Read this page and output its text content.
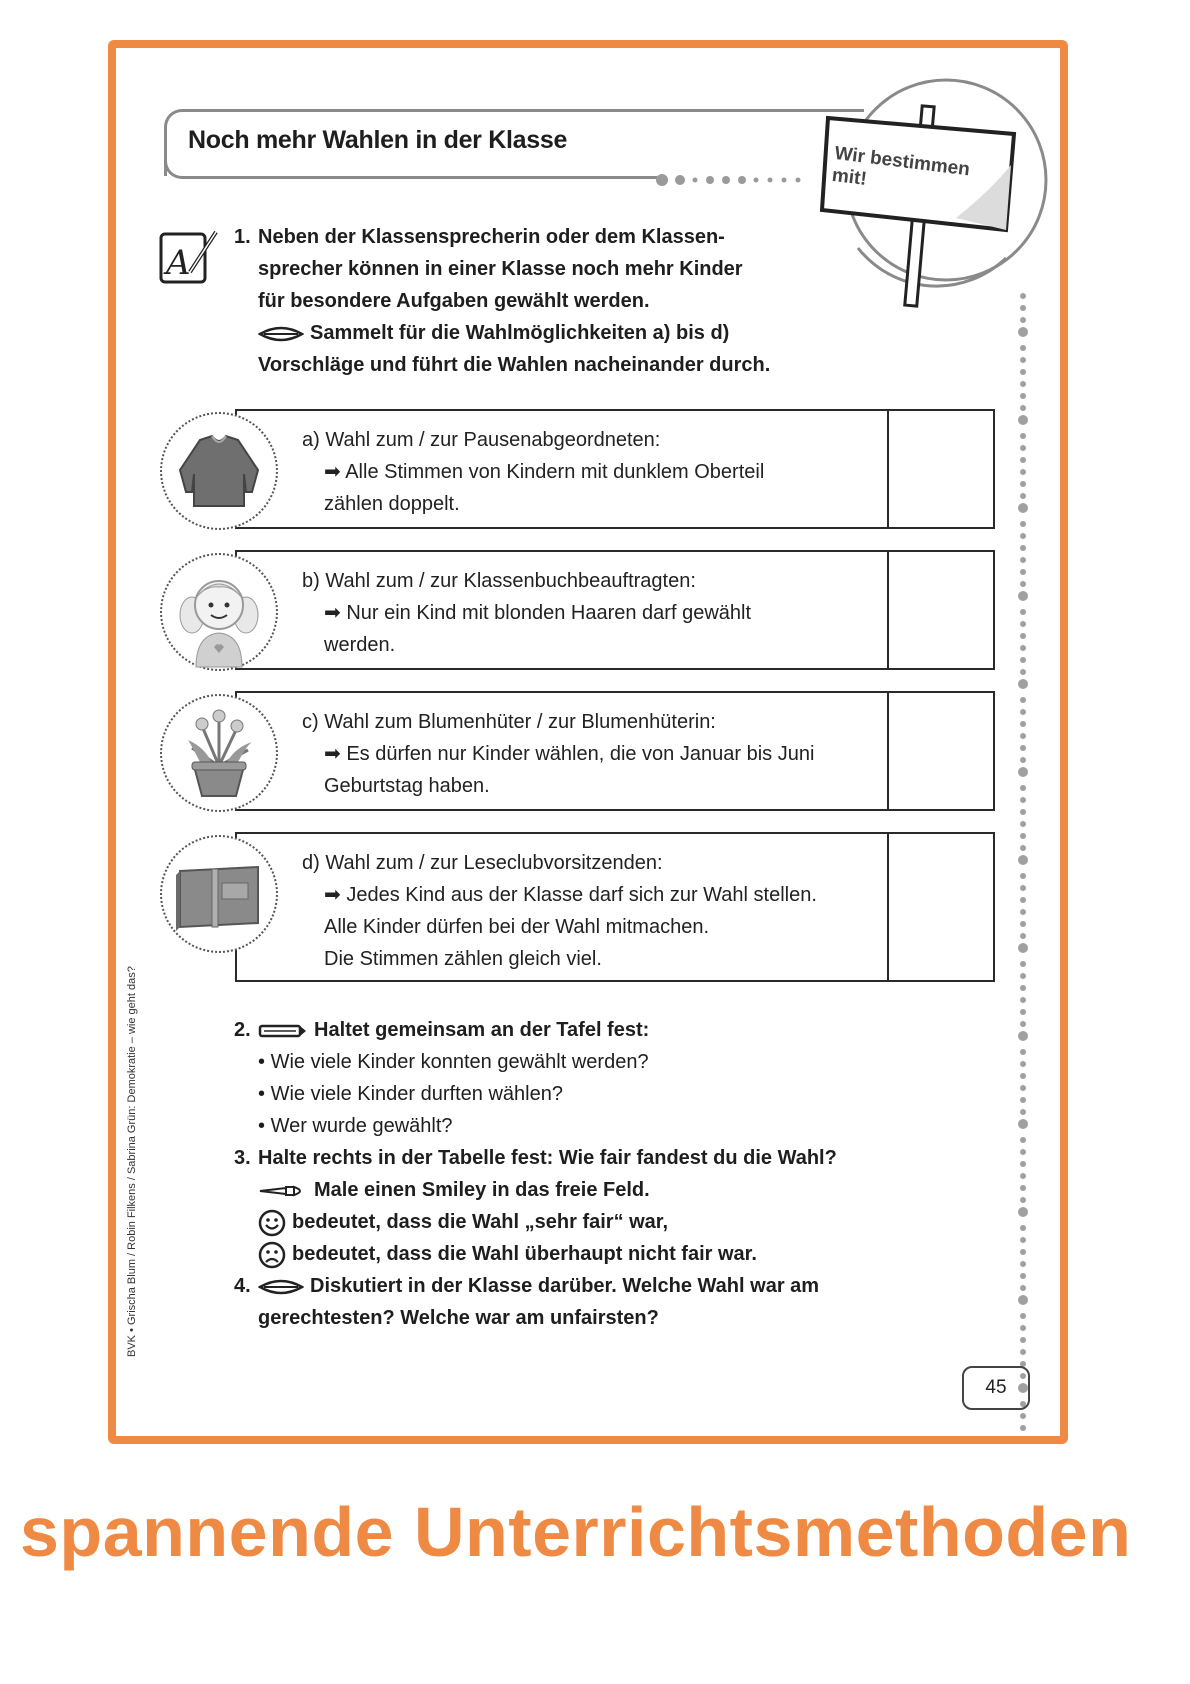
Noch mehr Wahlen in der Klasse
Wir bestimmen mit!
A
1. Neben der Klassensprecherin oder dem Klassen-
sprecher können in einer Klasse noch mehr Kinder
für besondere Aufgaben gewählt werden.
Sammelt für die Wahlmöglichkeiten a) bis d)
Vorschläge und führt die Wahlen nacheinander durch.
a) Wahl zum / zur Pausenabgeordneten:
➡ Alle Stimmen von Kindern mit dunklem Oberteil
zählen doppelt.
b) Wahl zum / zur Klassenbuchbeauftragten:
➡ Nur ein Kind mit blonden Haaren darf gewählt
werden.
c) Wahl zum Blumenhüter / zur Blumenhüterin:
➡ Es dürfen nur Kinder wählen, die von Januar bis Juni
Geburtstag haben.
d) Wahl zum / zur Leseclubvorsitzenden:
➡ Jedes Kind aus der Klasse darf sich zur Wahl stellen.
Alle Kinder dürfen bei der Wahl mitmachen.
Die Stimmen zählen gleich viel.
2.	Haltet gemeinsam an der Tafel fest:
• Wie viele Kinder konnten gewählt werden?
• Wie viele Kinder durften wählen?
• Wer wurde gewählt?
3. Halte rechts in der Tabelle fest: Wie fair fandest du die Wahl?
Male einen Smiley in das freie Feld.
bedeutet, dass die Wahl „sehr fair“ war,
bedeutet, dass die Wahl überhaupt nicht fair war.
4.	Diskutiert in der Klasse darüber. Welche Wahl war am
gerechtesten? Welche war am unfairsten?
BVK • Grischa Blum / Robin Filkens / Sabrina Grün: Demokratie – wie geht das?
45
spannende Unterrichtsmethoden
